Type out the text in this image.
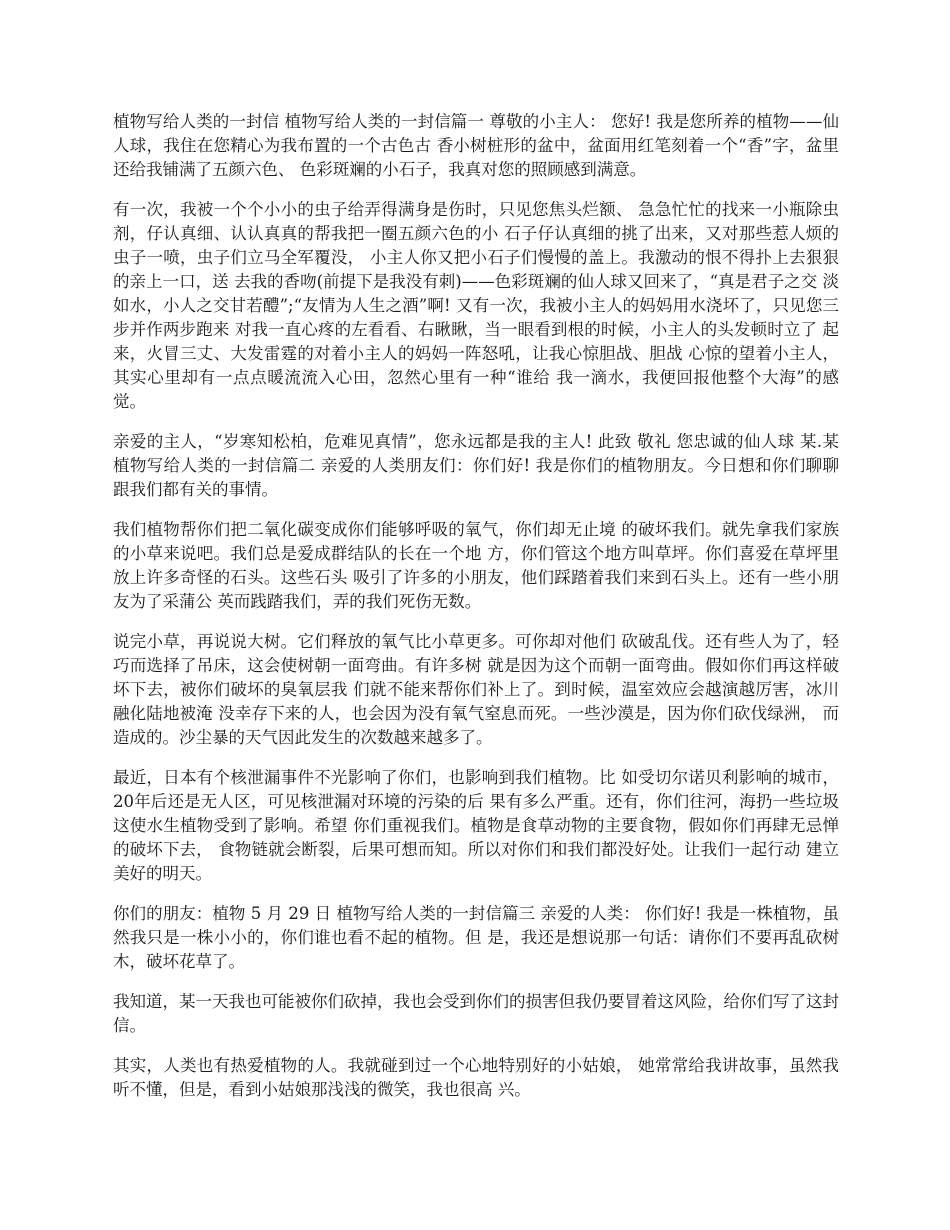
植物写给人类的一封信 植物写给人类的一封信篇一 尊敬的小主人： 您好! 我是您所养的植物——仙人球，我住在您精心为我布置的一个古色古 香小树桩形的盆中，盆面用红笔刻着一个“香”字，盆里还给我铺满了五颜六色、 色彩斑斓的小石子，我真对您的照顾感到满意。

有一次，我被一个个小小的虫子给弄得满身是伤时，只见您焦头烂额、 急急忙忙的找来一小瓶除虫剂，仔认真细、认认真真的帮我把一圈五颜六色的小 石子仔认真细的挑了出来，又对那些惹人烦的虫子一喷，虫子们立马全军覆没， 小主人你又把小石子们慢慢的盖上。我激动的恨不得扑上去狠狠的亲上一口，送 去我的香吻(前提下是我没有刺)——色彩斑斓的仙人球又回来了，“真是君子之交 淡如水，小人之交甘若醴”;“友情为人生之酒”啊! 又有一次，我被小主人的妈妈用水浇坏了，只见您三步并作两步跑来 对我一直心疼的左看看、右瞅瞅，当一眼看到根的时候，小主人的头发顿时立了 起来，火冒三丈、大发雷霆的对着小主人的妈妈一阵怒吼，让我心惊胆战、胆战 心惊的望着小主人，其实心里却有一点点暖流流入心田，忽然心里有一种“谁给 我一滴水，我便回报他整个大海”的感觉。

亲爱的主人，“岁寒知松柏，危难见真情”，您永远都是我的主人! 此致 敬礼 您忠诚的仙人球 某.某 植物写给人类的一封信篇二 亲爱的人类朋友们：你们好! 我是你们的植物朋友。今日想和你们聊聊跟我们都有关的事情。

我们植物帮你们把二氧化碳变成你们能够呼吸的氧气，你们却无止境 的破坏我们。就先拿我们家族的小草来说吧。我们总是爱成群结队的长在一个地 方，你们管这个地方叫草坪。你们喜爱在草坪里放上许多奇怪的石头。这些石头 吸引了许多的小朋友，他们踩踏着我们来到石头上。还有一些小朋友为了采蒲公 英而践踏我们，弄的我们死伤无数。

说完小草，再说说大树。它们释放的氧气比小草更多。可你却对他们 砍破乱伐。还有些人为了，轻巧而选择了吊床，这会使树朝一面弯曲。有许多树 就是因为这个而朝一面弯曲。假如你们再这样破坏下去，被你们破坏的臭氧层我 们就不能来帮你们补上了。到时候，温室效应会越演越厉害，冰川融化陆地被淹 没幸存下来的人，也会因为没有氧气窒息而死。一些沙漠是，因为你们砍伐绿洲， 而造成的。沙尘暴的天气因此发生的次数越来越多了。

最近，日本有个核泄漏事件不光影响了你们，也影响到我们植物。比 如受切尔诺贝利影响的城市，20年后还是无人区，可见核泄漏对环境的污染的后 果有多么严重。还有，你们往河，海扔一些垃圾这使水生植物受到了影响。希望 你们重视我们。植物是食草动物的主要食物，假如你们再肆无忌惮的破坏下去， 食物链就会断裂，后果可想而知。所以对你们和我们都没好处。让我们一起行动 建立美好的明天。

你们的朋友：植物 5 月 29 日 植物写给人类的一封信篇三 亲爱的人类： 你们好! 我是一株植物，虽然我只是一株小小的，你们谁也看不起的植物。但 是，我还是想说那一句话：请你们不要再乱砍树木，破坏花草了。

我知道，某一天我也可能被你们砍掉，我也会受到你们的损害但我仍要冒着这风险，给你们写了这封信。

其实，人类也有热爱植物的人。我就碰到过一个心地特别好的小姑娘， 她常常给我讲故事，虽然我听不懂，但是，看到小姑娘那浅浅的微笑，我也很高 兴。
